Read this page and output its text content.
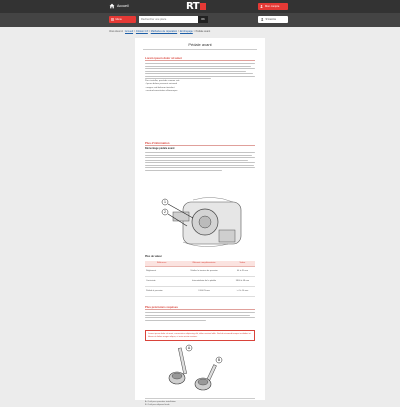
Accueil	RT	Mon compte
Menu
Rechercher une pièce	OK	S'inscrire
Vous êtes ici : Accueil > Citroën C3 > Méthodes de réparation > Embrayage > Pédale avant
Pédale avant
Lorem ipsum dolor sit amet
Pour installer, procéder comme suit:
- Ipsum dolore praesent euismod
- magna sed dolorem tincidunt
- nostrud exercitation ullamcorper
Plus d'information
Démontage pédale avant
1
2
Plus de valeur
Référence	Élément complémentaire	Valeur
Réglement	Vérifier la tension de pression	44 à 45 mm
Contrainte	Intermédiaire de la pédale	3800 à 48 mm
Pédale à pression	2-600 N·mm	> 4 à 10 mm
Plus précisions requises
Lorem ipsum dolor sit amet, consectetur adipiscing elit, dolor nostrud nibh. Sed do eiusmod tempor incididunt ut labore et dolore magna aliqua, ut enim minim veniam.
A
B
A. Outil pour première installation
B. Outil pour dépose finale
